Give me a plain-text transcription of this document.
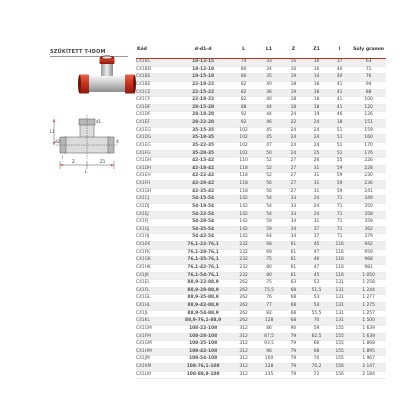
SZŰKÍTETT T-IDOM
d1
d
d2
L
L1
Z	Z1
l
Kód	d-d1-d	L	L1	Z	Z1	l	Súly gramm
C41BC	18-12-15	74	33	16	16	37	63
C41BD	18-12-18	80	34	16	16	40	71
C41BE	18-15-18	80	35	19	14	40	76
C41BE	22-18-22	82	40	18	18	41	94
C41CE	22-15-22	82	36	19	18	41	88
C41CF	22-18-22	82	40	18	18	41	100
C41DF	28-15-28	88	44	18	18	41	120
C41DF	28-18-28	92	44	24	19	46	126
C41EF	28-22-28	92	46	22	24	18	151
C41EG	35-15-35	102	45	24	24	51	159
C41DG	35-18-35	102	45	24	24	51	160
C41EG	35-22-35	102	47	24	24	51	170
C41FG	35-28-35	102	50	24	25	51	176
C41GH	42-15-42	110	52	27	26	55	226
C41DH	42-18-42	118	52	27	31	59	228
C41EH	42-22-42	118	52	27	31	59	230
C41FH	42-28-42	118	56	27	31	59	236
C41GH	42-35-42	118	56	27	31	59	241
C41CJ	54-15-54	142	54	33	24	71	349
C41DJ	54-18-54	142	54	33	24	71	350
C41EJ	54-22-54	142	54	33	24	71	358
C41FJ	54-28-54	142	59	34	31	71	359
C41GJ	54-35-54	142	59	34	37	71	362
C41HJ	54-42-54	142	64	34	37	71	379
C41EK	76,1-22-76,1	232	68	61	45	116	942
C41FK	76,1-28-76,1	232	69	61	47	116	959
C41GK	76,1-35-76,1	232	75	61	46	116	968
C41HK	76,1-42-76,1	232	80	61	47	116	981
C41JK	76,1-54-76,1	232	80	61	45	116	1 050
C41EL	88,9-22-88,9	262	75	63	53	131	1 258
C41FL	88,9-28-88,9	262	75,5	68	51,5	131	1 244
C41GL	88,9-35-88,9	262	76	68	53	131	1 277
C41HL	88,9-42-88,9	262	77	68	54	131	1 275
C41JL	88,9-54-88,9	262	82	68	55,5	131	1 257
C41KL	88,9-76,1-88,9	262	128	68	70	131	1 500
C41GM	108-22-108	312	86	90	59	155	1 639
C41FM	108-28-108	312	87,5	79	62,5	155	1 639
C41GM	108-35-108	312	93,5	79	66	155	1 868
C41HM	108-42-108	312	96	79	68	155	1 895
C41JM	108-54-108	312	100	79	70	155	1 967
C41KM	108-76,1-108	312	128	79	70,2	156	2 147
C41LM	108-88,9-108	312	135	79	72	156	2 184
